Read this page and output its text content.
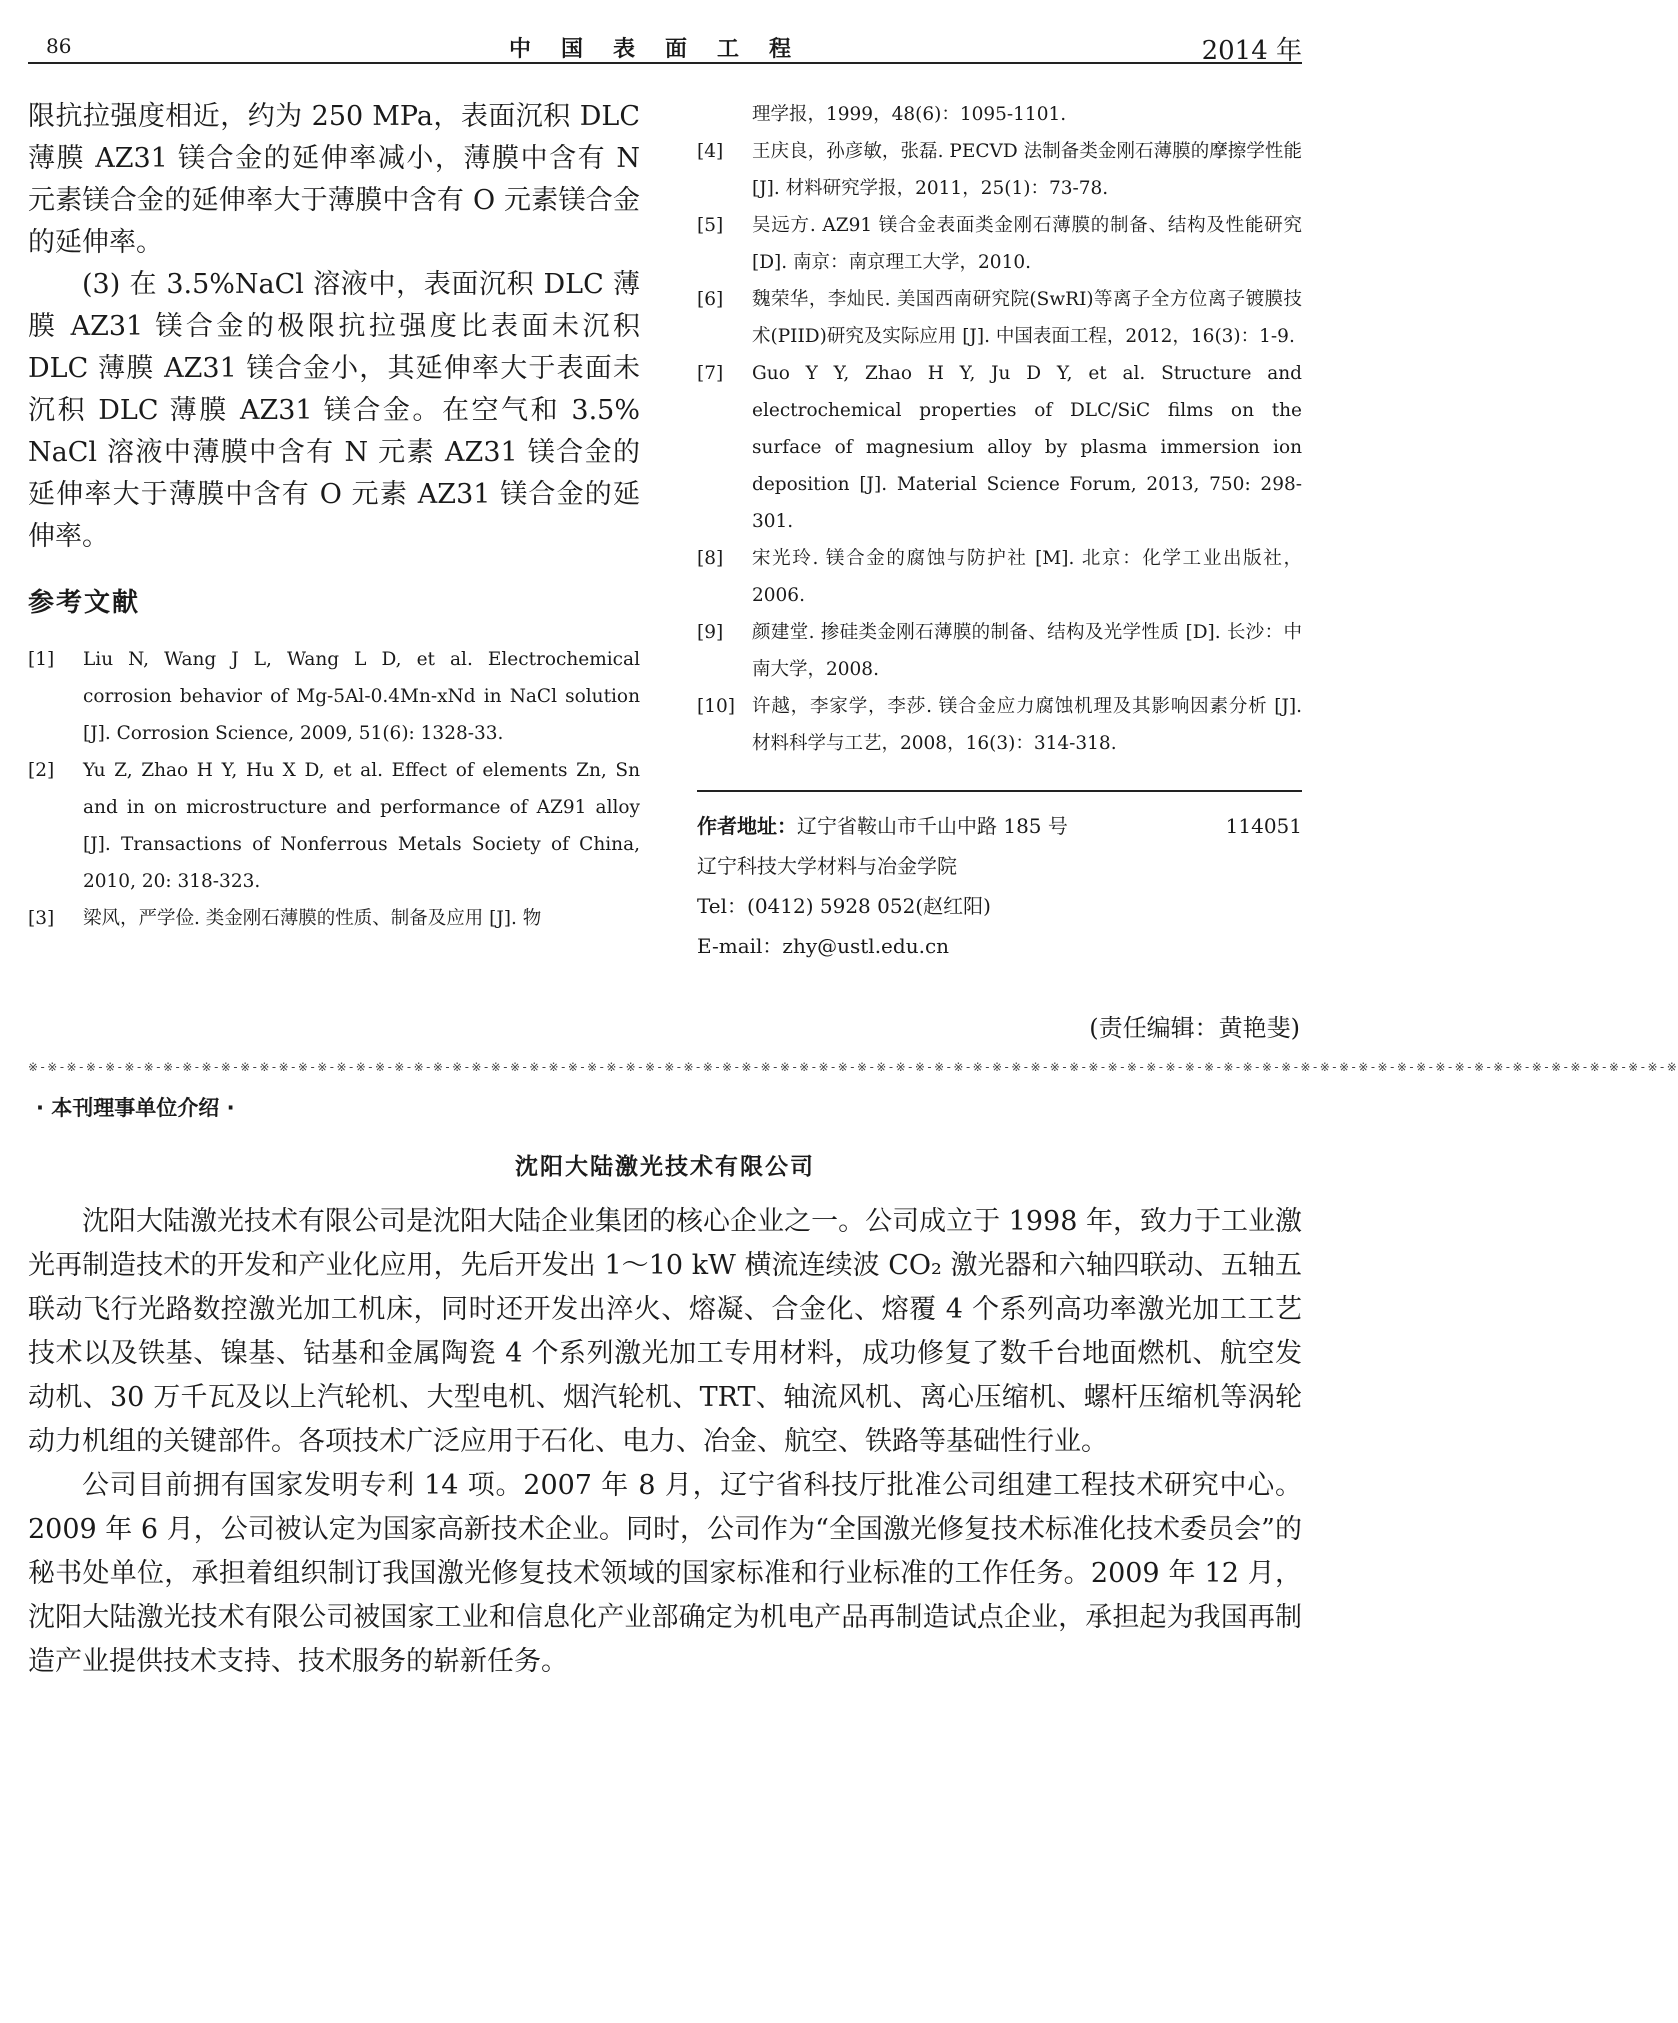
86	中国表面工程	2014 年

限抗拉强度相近，约为 250 MPa，表面沉积 DLC 薄膜 AZ31 镁合金的延伸率减小，薄膜中含有 N 元素镁合金的延伸率大于薄膜中含有 O 元素镁合金的延伸率。

(3) 在 3.5%NaCl 溶液中，表面沉积 DLC 薄膜 AZ31 镁合金的极限抗拉强度比表面未沉积 DLC 薄膜 AZ31 镁合金小，其延伸率大于表面未沉积 DLC 薄膜 AZ31 镁合金。在空气和 3.5% NaCl 溶液中薄膜中含有 N 元素 AZ31 镁合金的延伸率大于薄膜中含有 O 元素 AZ31 镁合金的延伸率。

参考文献

[1] Liu N, Wang J L, Wang L D, et al. Electrochemical corrosion behavior of Mg-5Al-0.4Mn-xNd in NaCl solution [J]. Corrosion Science, 2009, 51(6): 1328-33.

[2] Yu Z, Zhao H Y, Hu X D, et al. Effect of elements Zn, Sn and in on microstructure and performance of AZ91 alloy [J]. Transactions of Nonferrous Metals Society of China, 2010, 20: 318-323.

[3] 梁风，严学俭. 类金刚石薄膜的性质、制备及应用 [J]. 物

理学报，1999，48(6)：1095-1101.

[4] 王庆良，孙彦敏，张磊. PECVD 法制备类金刚石薄膜的摩擦学性能 [J]. 材料研究学报，2011，25(1)：73-78.

[5] 吴远方. AZ91 镁合金表面类金刚石薄膜的制备、结构及性能研究 [D]. 南京：南京理工大学，2010.

[6] 魏荣华，李灿民. 美国西南研究院(SwRI)等离子全方位离子镀膜技术(PIID)研究及实际应用 [J]. 中国表面工程，2012，16(3)：1-9.

[7] Guo Y Y, Zhao H Y, Ju D Y, et al. Structure and electrochemical properties of DLC/SiC films on the surface of magnesium alloy by plasma immersion ion deposition [J]. Material Science Forum, 2013, 750: 298-301.

[8] 宋光玲. 镁合金的腐蚀与防护社 [M]. 北京：化学工业出版社，2006.

[9] 颜建堂. 掺硅类金刚石薄膜的制备、结构及光学性质 [D]. 长沙：中南大学，2008.

[10] 许越，李家学，李莎. 镁合金应力腐蚀机理及其影响因素分析 [J]. 材料科学与工艺，2008，16(3)：314-318.

作者地址：辽宁省鞍山市千山中路 185 号	114051

辽宁科技大学材料与冶金学院

Tel：(0412) 5928 052(赵红阳)

E-mail：zhy@ustl.edu.cn

(责任编辑：黄艳斐)
※-※-※-※-※-※-※-※-※-※-※-※-※-※-※-※-※-※-※-※-※-※-※-※-※-※-※-※-※-※-※-※-※-※-※-※-※-※-※-※-※-※-※-※-※-※-※-※-※-※-※-※-※-※-※-※-※-※-※-※-※-※-※-※-※-※-※-※-※-※-※-※-※-※-※-※-※-※-※-※-※-※-※-※-※-※
· 本刊理事单位介绍 ·
沈阳大陆激光技术有限公司

沈阳大陆激光技术有限公司是沈阳大陆企业集团的核心企业之一。公司成立于 1998 年，致力于工业激光再制造技术的开发和产业化应用，先后开发出 1～10 kW 横流连续波 CO₂ 激光器和六轴四联动、五轴五联动飞行光路数控激光加工机床，同时还开发出淬火、熔凝、合金化、熔覆 4 个系列高功率激光加工工艺技术以及铁基、镍基、钴基和金属陶瓷 4 个系列激光加工专用材料，成功修复了数千台地面燃机、航空发动机、30 万千瓦及以上汽轮机、大型电机、烟汽轮机、TRT、轴流风机、离心压缩机、螺杆压缩机等涡轮动力机组的关键部件。各项技术广泛应用于石化、电力、冶金、航空、铁路等基础性行业。

公司目前拥有国家发明专利 14 项。2007 年 8 月，辽宁省科技厅批准公司组建工程技术研究中心。2009 年 6 月，公司被认定为国家高新技术企业。同时，公司作为“全国激光修复技术标准化技术委员会”的秘书处单位，承担着组织制订我国激光修复技术领域的国家标准和行业标准的工作任务。2009 年 12 月，沈阳大陆激光技术有限公司被国家工业和信息化产业部确定为机电产品再制造试点企业，承担起为我国再制造产业提供技术支持、技术服务的崭新任务。
